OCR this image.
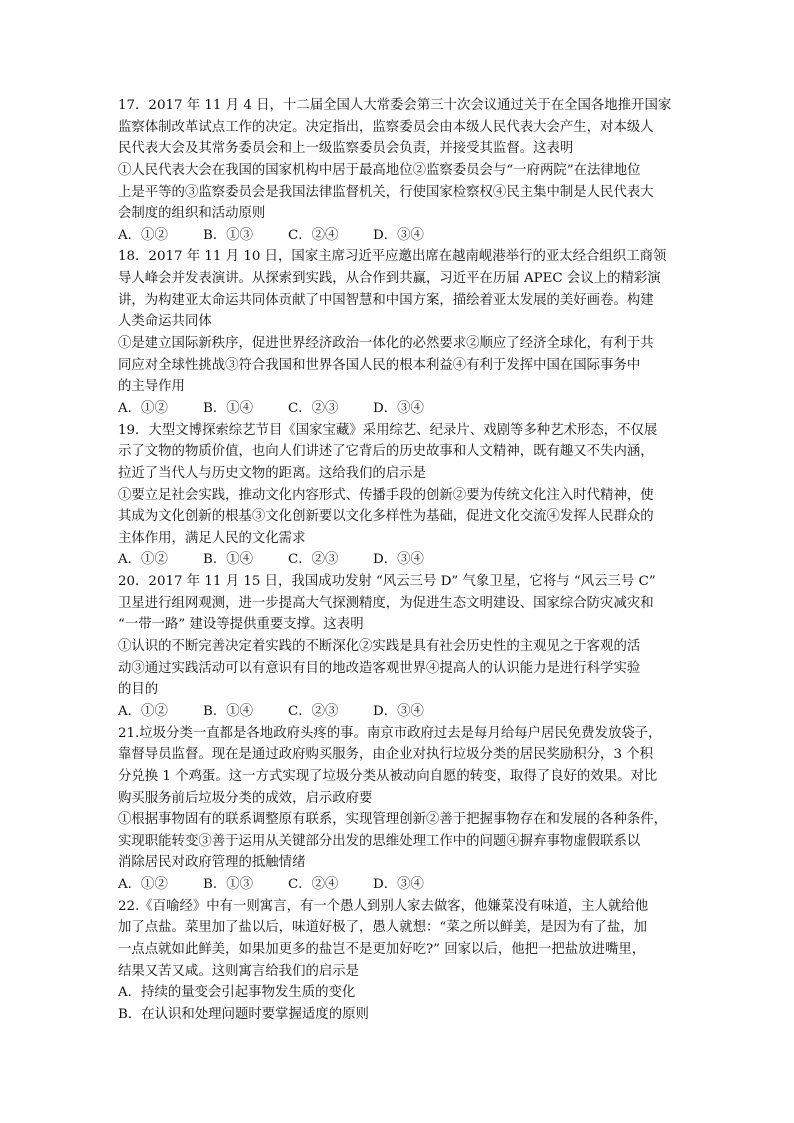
17．2017 年 11 月 4 日，十二届全国人大常委会第三十次会议通过关于在全国各地推开国家
监察体制改革试点工作的决定。决定指出，监察委员会由本级人民代表大会产生，对本级人
民代表大会及其常务委员会和上一级监察委员会负责，并接受其监督。这表明
①人民代表大会在我国的国家机构中居于最高地位②监察委员会与“一府两院”在法律地位
上是平等的③监察委员会是我国法律监督机关，行使国家检察权④民主集中制是人民代表大
会制度的组织和活动原则
A．①②	B．①③	C．②④	D．③④
18．2017 年 11 月 10 日，国家主席习近平应邀出席在越南岘港举行的亚太经合组织工商领
导人峰会并发表演讲。从探索到实践，从合作到共赢，习近平在历届 APEC 会议上的精彩演
讲，为构建亚太命运共同体贡献了中国智慧和中国方案，描绘着亚太发展的美好画卷。构建
人类命运共同体
①是建立国际新秩序，促进世界经济政治一体化的必然要求②顺应了经济全球化，有利于共
同应对全球性挑战③符合我国和世界各国人民的根本利益④有利于发挥中国在国际事务中
的主导作用
A．①②	B．①④	C．②③	D．③④
19．大型文博探索综艺节目《国家宝藏》采用综艺、纪录片、戏剧等多种艺术形态，不仅展
示了文物的物质价值，也向人们讲述了它背后的历史故事和人文精神，既有趣又不失内涵，
拉近了当代人与历史文物的距离。这给我们的启示是
①要立足社会实践，推动文化内容形式、传播手段的创新②要为传统文化注入时代精神，使
其成为文化创新的根基③文化创新要以文化多样性为基础，促进文化交流④发挥人民群众的
主体作用，满足人民的文化需求
A．①②	B．①④	C．②③	D．③④
20．2017 年 11 月 15 日，我国成功发射 “风云三号 D” 气象卫星，它将与 “风云三号 C”
卫星进行组网观测，进一步提高大气探测精度，为促进生态文明建设、国家综合防灾减灾和
“一带一路” 建设等提供重要支撑。这表明
①认识的不断完善决定着实践的不断深化②实践是具有社会历史性的主观见之于客观的活
动③通过实践活动可以有意识有目的地改造客观世界④提高人的认识能力是进行科学实验
的目的
A．①②	B．①④	C．②③	D．③④
21.垃圾分类一直都是各地政府头疼的事。南京市政府过去是每月给每户居民免费发放袋子，
靠督导员监督。现在是通过政府购买服务，由企业对执行垃圾分类的居民奖励积分，3 个积
分兑换 1 个鸡蛋。这一方式实现了垃圾分类从被动向自愿的转变，取得了良好的效果。对比
购买服务前后垃圾分类的成效，启示政府要
①根据事物固有的联系调整原有联系，实现管理创新②善于把握事物存在和发展的各种条件，
实现职能转变③善于运用从关键部分出发的思维处理工作中的问题④摒弃事物虚假联系以
消除居民对政府管理的抵触情绪
A．①②	B．①③	C．②④	D．③④
22.《百喻经》中有一则寓言，有一个愚人到别人家去做客，他嫌菜没有味道，主人就给他
加了点盐。菜里加了盐以后，味道好极了，愚人就想：“菜之所以鲜美，是因为有了盐，加
一点点就如此鲜美，如果加更多的盐岂不是更加好吃?” 回家以后，他把一把盐放进嘴里，
结果又苦又咸。这则寓言给我们的启示是
A．持续的量变会引起事物发生质的变化
B．在认识和处理问题时要掌握适度的原则
